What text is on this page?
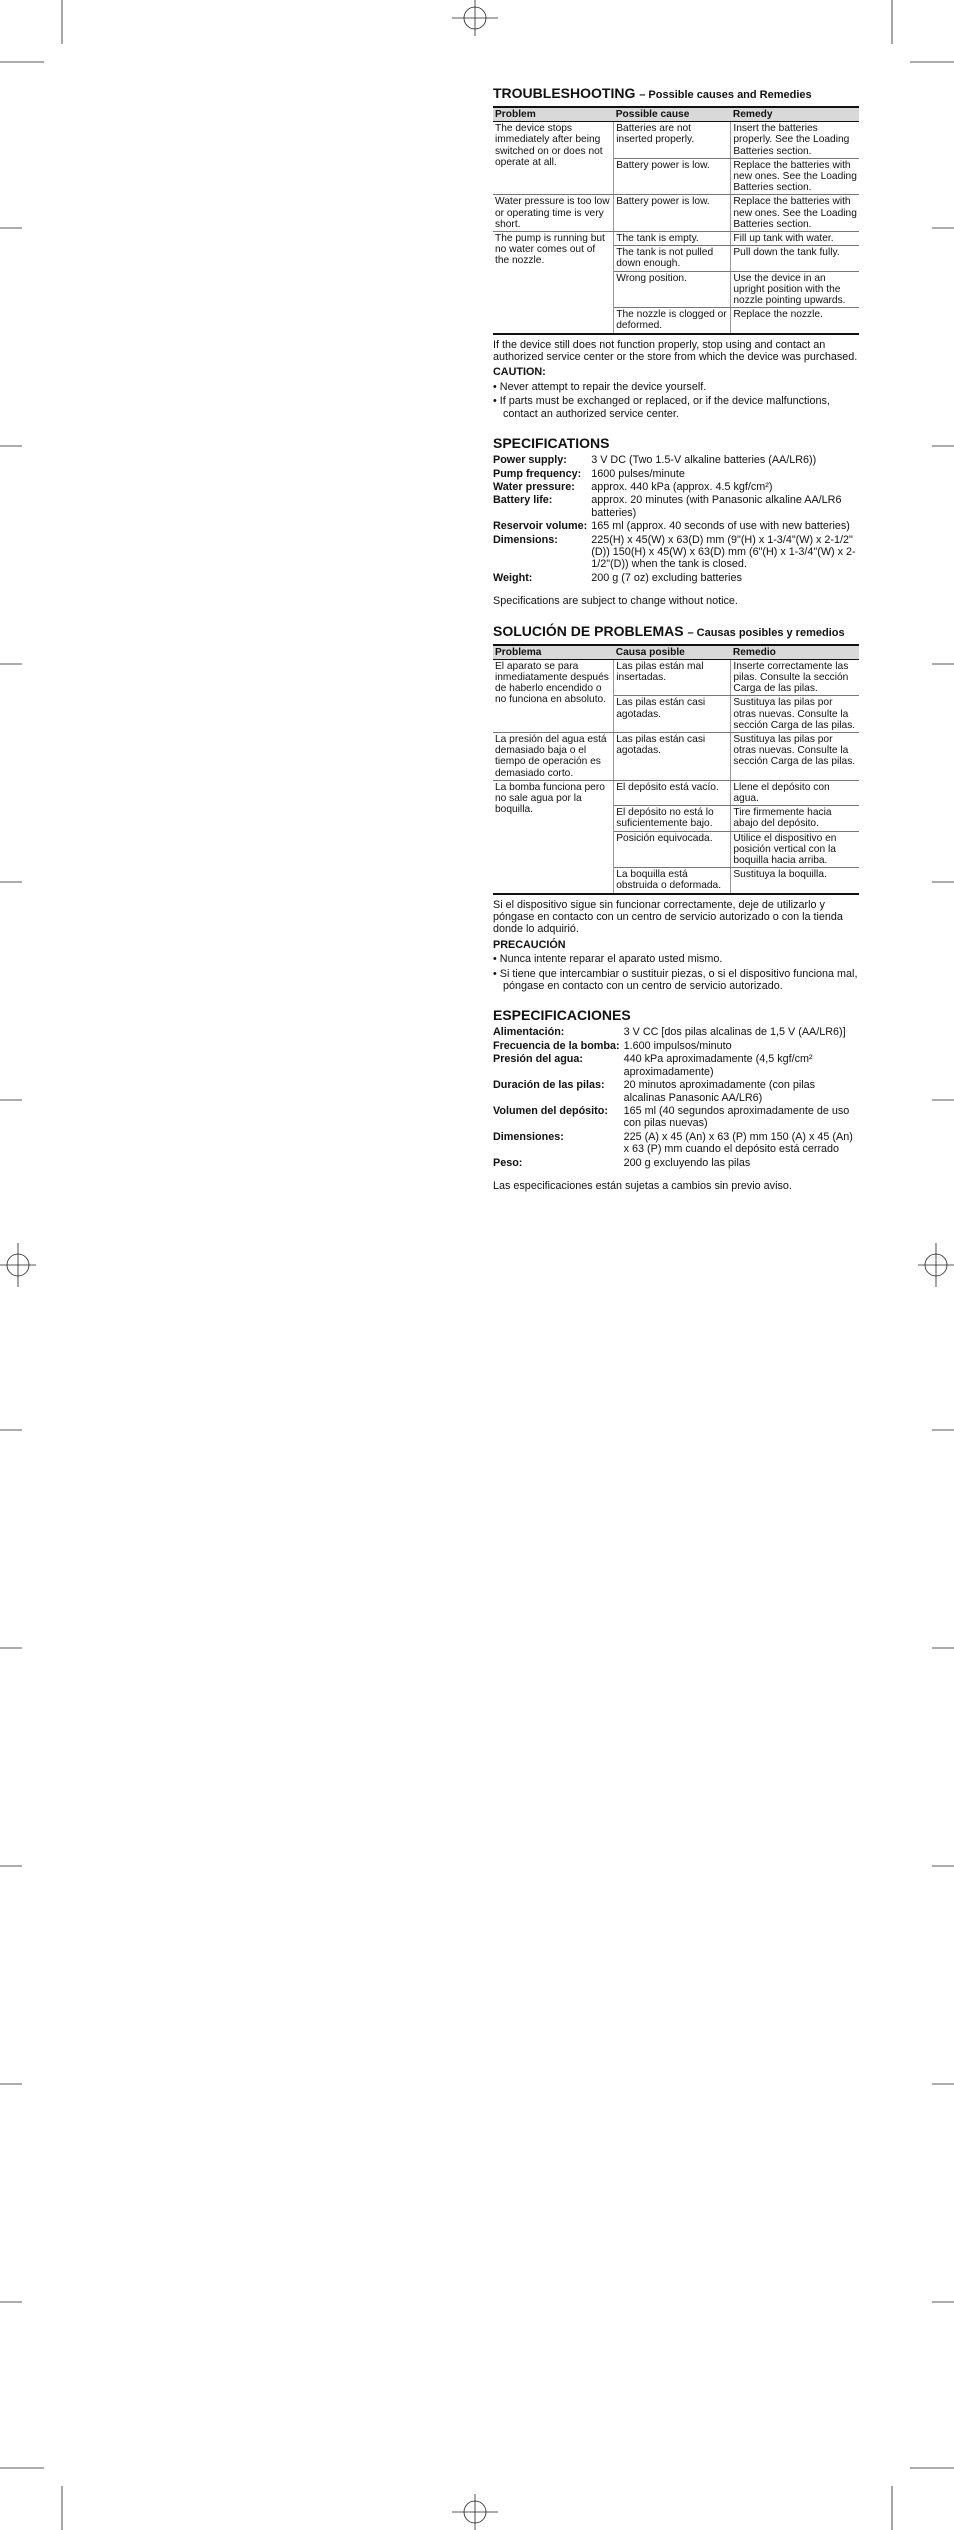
TROUBLESHOOTING – Possible causes and Remedies
Problem	Possible cause	Remedy
The device stops immediately after being switched on or does not operate at all.	Batteries are not inserted properly.	Insert the batteries properly. See the Loading Batteries section.
	Battery power is low.	Replace the batteries with new ones. See the Loading Batteries section.
Water pressure is too low or operating time is very short.	Battery power is low.	Replace the batteries with new ones. See the Loading Batteries section.
The pump is running but no water comes out of the nozzle.	The tank is empty.	Fill up tank with water.
	The tank is not pulled down enough.	Pull down the tank fully.
	Wrong position.	Use the device in an upright position with the nozzle pointing upwards.
	The nozzle is clogged or deformed.	Replace the nozzle.

If the device still does not function properly, stop using and contact an authorized service center or the store from which the device was purchased.

CAUTION:

• Never attempt to repair the device yourself.

• If parts must be exchanged or replaced, or if the device malfunctions, contact an authorized service center.

SPECIFICATIONS
Power supply:	3 V DC (Two 1.5-V alkaline batteries (AA/LR6))
Pump frequency:	1600 pulses/minute
Water pressure:	approx. 440 kPa (approx. 4.5 kgf/cm²)
Battery life:	approx. 20 minutes (with Panasonic alkaline AA/LR6 batteries)
Reservoir volume:	165 ml (approx. 40 seconds of use with new batteries)
Dimensions:	225(H) x 45(W) x 63(D) mm (9"(H) x 1-3/4"(W) x 2-1/2"(D)) 150(H) x 45(W) x 63(D) mm (6"(H) x 1-3/4"(W) x 2-1/2"(D)) when the tank is closed.
Weight:	200 g (7 oz) excluding batteries

Specifications are subject to change without notice.

SOLUCIÓN DE PROBLEMAS – Causas posibles y remedios
Problema	Causa posible	Remedio
El aparato se para inmediatamente después de haberlo encendido o no funciona en absoluto.	Las pilas están mal insertadas.	Inserte correctamente las pilas. Consulte la sección Carga de las pilas.
	Las pilas están casi agotadas.	Sustituya las pilas por otras nuevas. Consulte la sección Carga de las pilas.
La presión del agua está demasiado baja o el tiempo de operación es demasiado corto.	Las pilas están casi agotadas.	Sustituya las pilas por otras nuevas. Consulte la sección Carga de las pilas.
La bomba funciona pero no sale agua por la boquilla.	El depósito está vacío.	Llene el depósito con agua.
	El depósito no está lo suficientemente bajo.	Tire firmemente hacia abajo del depósito.
	Posición equivocada.	Utilice el dispositivo en posición vertical con la boquilla hacia arriba.
	La boquilla está obstruida o deformada.	Sustituya la boquilla.

Si el dispositivo sigue sin funcionar correctamente, deje de utilizarlo y póngase en contacto con un centro de servicio autorizado o con la tienda donde lo adquirió.

PRECAUCIÓN

• Nunca intente reparar el aparato usted mismo.

• Si tiene que intercambiar o sustituir piezas, o si el dispositivo funciona mal, póngase en contacto con un centro de servicio autorizado.

ESPECIFICACIONES
Alimentación:	3 V CC [dos pilas alcalinas de 1,5 V (AA/LR6)]
Frecuencia de la bomba:	1.600 impulsos/minuto
Presión del agua:	440 kPa aproximadamente (4,5 kgf/cm² aproximadamente)
Duración de las pilas:	20 minutos aproximadamente (con pilas alcalinas Panasonic AA/LR6)
Volumen del depósito:	165 ml (40 segundos aproximadamente de uso con pilas nuevas)
Dimensiones:	225 (A) x 45 (An) x 63 (P) mm 150 (A) x 45 (An) x 63 (P) mm cuando el depósito está cerrado
Peso:	200 g excluyendo las pilas

Las especificaciones están sujetas a cambios sin previo aviso.
